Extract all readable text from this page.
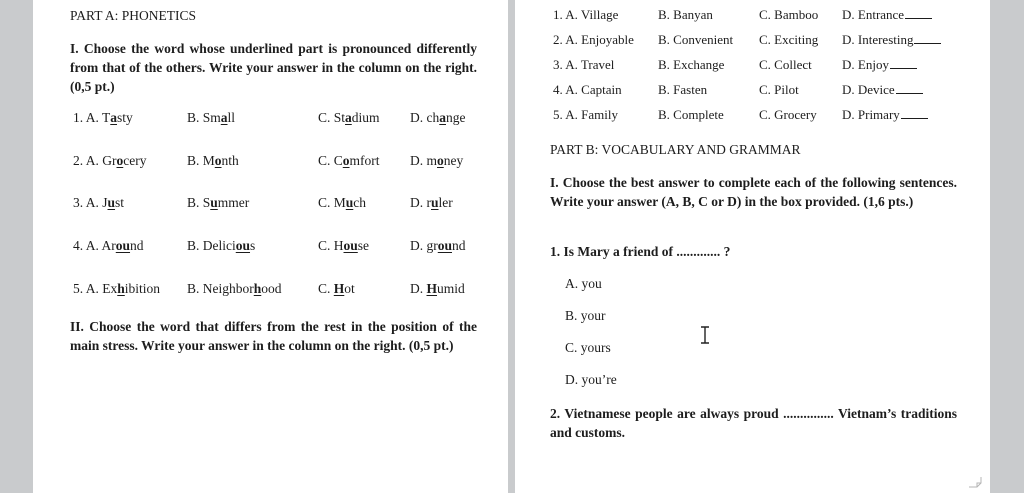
PART A: PHONETICS
I. Choose the word whose underlined part is pronounced differently from that of the others. Write your answer in the column on the right. (0,5 pt.)
1. A. Tasty	B. Small	C. Stadium D. change
2. A. Grocery	B. Month	C. Comfort D. money
3. A. Just	B. Summer	C. Much	D. ruler
4. A. Around	B. Delicious	C. House	D. ground
5. A. Exhibition B. Neighborhood	C. Hot	D. Humid
II. Choose the word that differs from the rest in the position of the main stress. Write your answer in the column on the right. (0,5 pt.)
1. A. Village	B. Banyan	C. Bamboo D. Entrance
2. A. Enjoyable B. Convenient C. Exciting D. Interesting
3. A. Travel	B. Exchange	C. Collect D. Enjoy
4. A. Captain	B. Fasten	C. Pilot	D. Device
5. A. Family	B. Complete	C. Grocery D. Primary
PART B: VOCABULARY AND GRAMMAR
I. Choose the best answer to complete each of the following sentences. Write your answer (A, B, C or D) in the box provided. (1,6 pts.)
1. Is Mary a friend of ............. ?
A. you
B. your
C. yours
D. you’re
2. Vietnamese people are always proud ............... Vietnam’s traditions and customs.
